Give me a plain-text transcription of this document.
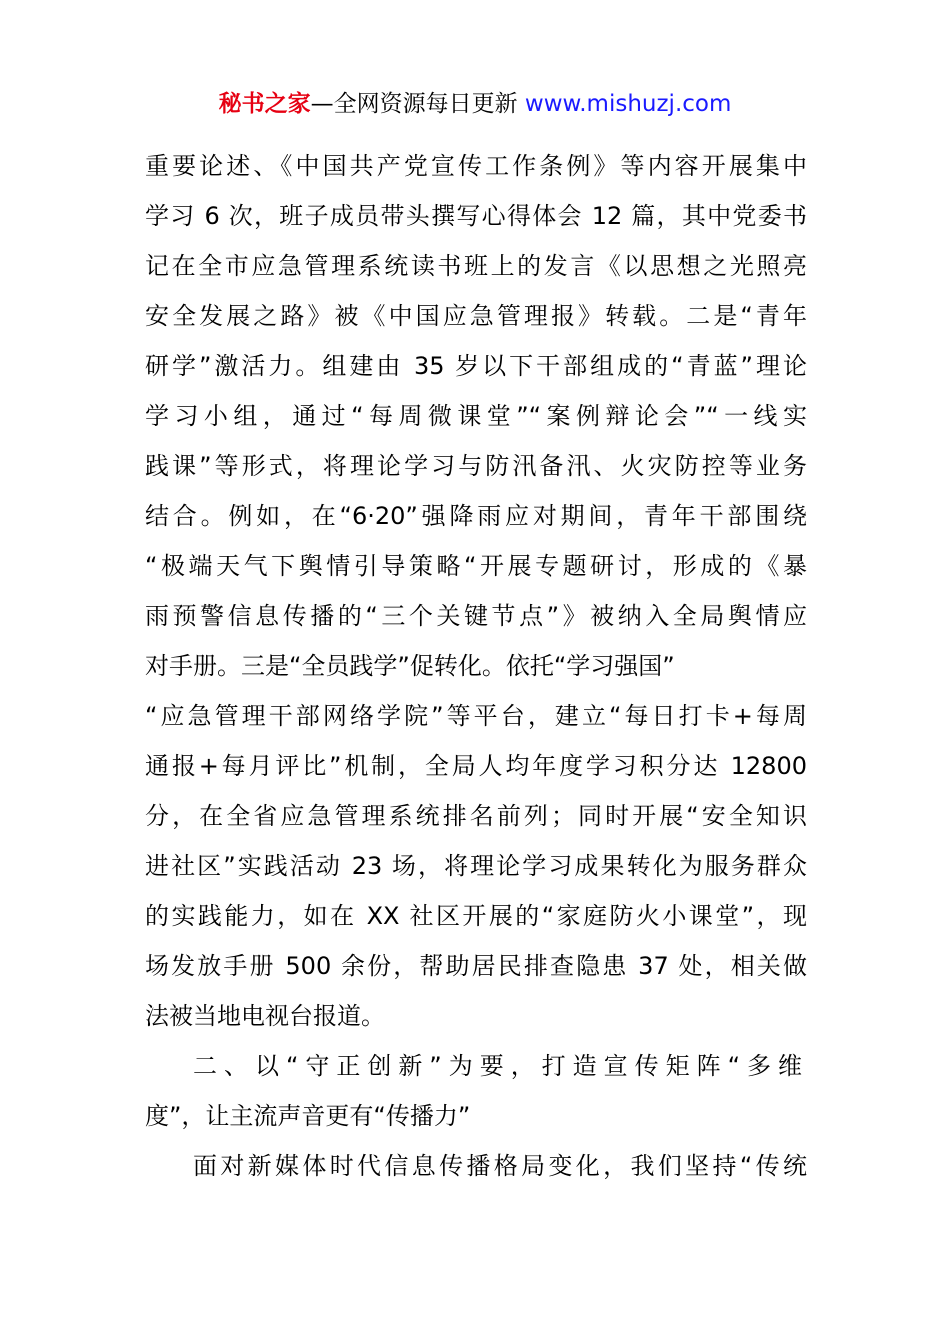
秘书之家—全网资源每日更新 www.mishuzj.com
重要论述、《中国共产党宣传工作条例》等内容开展集中
学习 6 次，班子成员带头撰写心得体会 12 篇，其中党委书
记在全市应急管理系统读书班上的发言《以思想之光照亮
安全发展之路》被《中国应急管理报》转载。二是“青年
研学”激活力。组建由 35 岁以下干部组成的“青蓝”理论
学习小组，通过“每周微课堂”“案例辩论会”“一线实
践课”等形式，将理论学习与防汛备汛、火灾防控等业务
结合。例如，在“6·20”强降雨应对期间，青年干部围绕
“极端天气下舆情引导策略“开展专题研讨，形成的《暴
雨预警信息传播的“三个关键节点”》被纳入全局舆情应
对手册。三是“全员践学”促转化。依托“学习强国”
“应急管理干部网络学院”等平台，建立“每日打卡+每周
通报+每月评比”机制，全局人均年度学习积分达 12800
分，在全省应急管理系统排名前列；同时开展“安全知识
进社区”实践活动 23 场，将理论学习成果转化为服务群众
的实践能力，如在 XX 社区开展的“家庭防火小课堂”，现
场发放手册 500 余份，帮助居民排查隐患 37 处，相关做
法被当地电视台报道。
二、以“守正创新”为要，打造宣传矩阵“多维
度”，让主流声音更有“传播力”
面对新媒体时代信息传播格局变化，我们坚持“传统
